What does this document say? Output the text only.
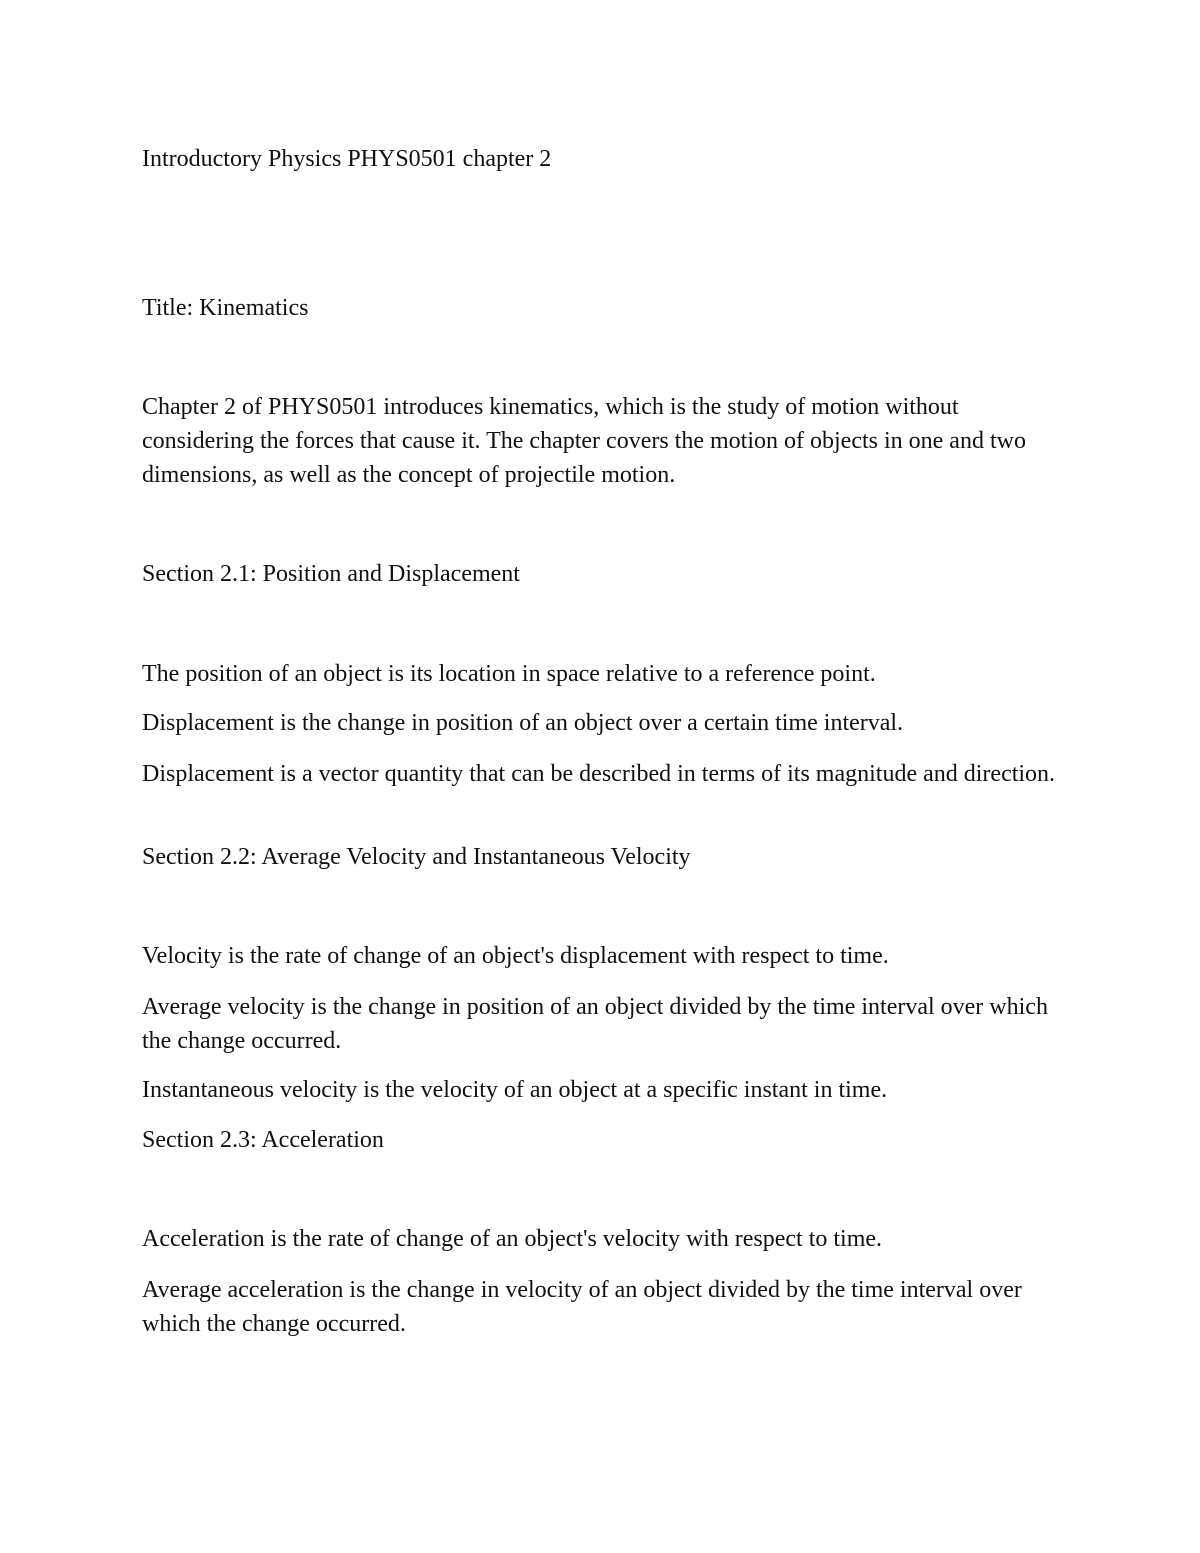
Introductory Physics PHYS0501 chapter 2

Title: Kinematics

Chapter 2 of PHYS0501 introduces kinematics, which is the study of motion without considering the forces that cause it. The chapter covers the motion of objects in one and two dimensions, as well as the concept of projectile motion.

Section 2.1: Position and Displacement

The position of an object is its location in space relative to a reference point.

Displacement is the change in position of an object over a certain time interval.

Displacement is a vector quantity that can be described in terms of its magnitude and direction.

Section 2.2: Average Velocity and Instantaneous Velocity

Velocity is the rate of change of an object's displacement with respect to time.

Average velocity is the change in position of an object divided by the time interval over which the change occurred.

Instantaneous velocity is the velocity of an object at a specific instant in time.

Section 2.3: Acceleration

Acceleration is the rate of change of an object's velocity with respect to time.

Average acceleration is the change in velocity of an object divided by the time interval over which the change occurred.
